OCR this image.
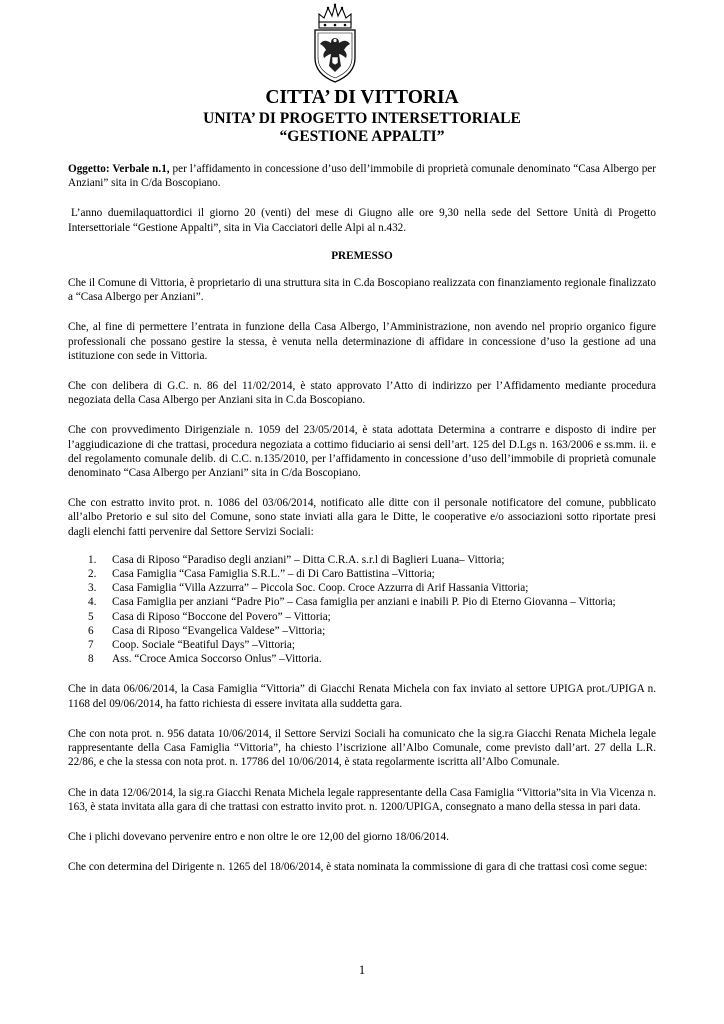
CITTA’ DI VITTORIA
UNITA’ DI PROGETTO INTERSETTORIALE
“GESTIONE APPALTI”

Oggetto: Verbale n.1, per l’affidamento in concessione d’uso dell’immobile di proprietà comunale denominato “Casa Albergo per Anziani” sita in C/da Boscopiano.

L’anno duemilaquattordici il giorno 20 (venti) del mese di Giugno alle ore 9,30 nella sede del Settore Unità di Progetto Intersettoriale “Gestione Appalti”, sita in Via Cacciatori delle Alpi al n.432.

PREMESSO

Che il Comune di Vittoria, è proprietario di una struttura sita in C.da Boscopiano realizzata con finanziamento regionale finalizzato a “Casa Albergo per Anziani”.

Che, al fine di permettere l’entrata in funzione della Casa Albergo, l’Amministrazione, non avendo nel proprio organico figure professionali che possano gestire la stessa, è venuta nella determinazione di affidare in concessione d’uso la gestione ad una istituzione con sede in Vittoria.

Che con delibera di G.C. n. 86 del 11/02/2014, è stato approvato l’Atto di indirizzo per l’Affidamento mediante procedura negoziata della Casa Albergo per Anziani sita in C.da Boscopiano.

Che con provvedimento Dirigenziale n. 1059 del 23/05/2014, è stata adottata Determina a contrarre e disposto di indire per l’aggiudicazione di che trattasi, procedura negoziata a cottimo fiduciario ai sensi dell’art. 125 del D.Lgs n. 163/2006 e ss.mm. ii. e del regolamento comunale delib. di C.C. n.135/2010, per l’affidamento in concessione d’uso dell’immobile di proprietà comunale denominato “Casa Albergo per Anziani” sita in C/da Boscopiano.

Che con estratto invito prot. n. 1086 del 03/06/2014, notificato alle ditte con il personale notificatore del comune, pubblicato all’albo Pretorio e sul sito del Comune, sono state inviati alla gara le Ditte, le cooperative e/o associazioni sotto riportate presi dagli elenchi fatti pervenire dal Settore Servizi Sociali:

1. Casa di Riposo “Paradiso degli anziani” – Ditta C.R.A. s.r.l di Baglieri Luana– Vittoria;
2. Casa Famiglia “Casa Famiglia S.R.L.” – di Di Caro Battistina –Vittoria;
3. Casa Famiglia “Villa Azzurra” – Piccola Soc. Coop. Croce Azzurra di Arif Hassania Vittoria;
4. Casa Famiglia per anziani “Padre Pio” – Casa famiglia per anziani e inabili P. Pio di Eterno Giovanna – Vittoria;
5 Casa di Riposo “Boccone del Povero” – Vittoria;
6 Casa di Riposo “Evangelica Valdese” –Vittoria;
7 Coop. Sociale “Beatiful Days” –Vittoria;
8 Ass. “Croce Amica Soccorso Onlus” –Vittoria.

Che in data 06/06/2014, la Casa Famiglia “Vittoria” di Giacchi Renata Michela con fax inviato al settore UPIGA prot./UPIGA n. 1168 del 09/06/2014, ha fatto richiesta di essere invitata alla suddetta gara.

Che con nota prot. n. 956 datata 10/06/2014, il Settore Servizi Sociali ha comunicato che la sig.ra Giacchi Renata Michela legale rappresentante della Casa Famiglia “Vittoria”, ha chiesto l’iscrizione all’Albo Comunale, come previsto dall’art. 27 della L.R. 22/86, e che la stessa con nota prot. n. 17786 del 10/06/2014, è stata regolarmente iscritta all’Albo Comunale.

Che in data 12/06/2014, la sig.ra Giacchi Renata Michela legale rappresentante della Casa Famiglia “Vittoria”sita in Via Vicenza n. 163, è stata invitata alla gara di che trattasi con estratto invito prot. n. 1200/UPIGA, consegnato a mano della stessa in pari data.

Che i plichi dovevano pervenire entro e non oltre le ore 12,00 del giorno 18/06/2014.

Che con determina del Dirigente n. 1265 del 18/06/2014, è stata nominata la commissione di gara di che trattasi così come segue:

1
